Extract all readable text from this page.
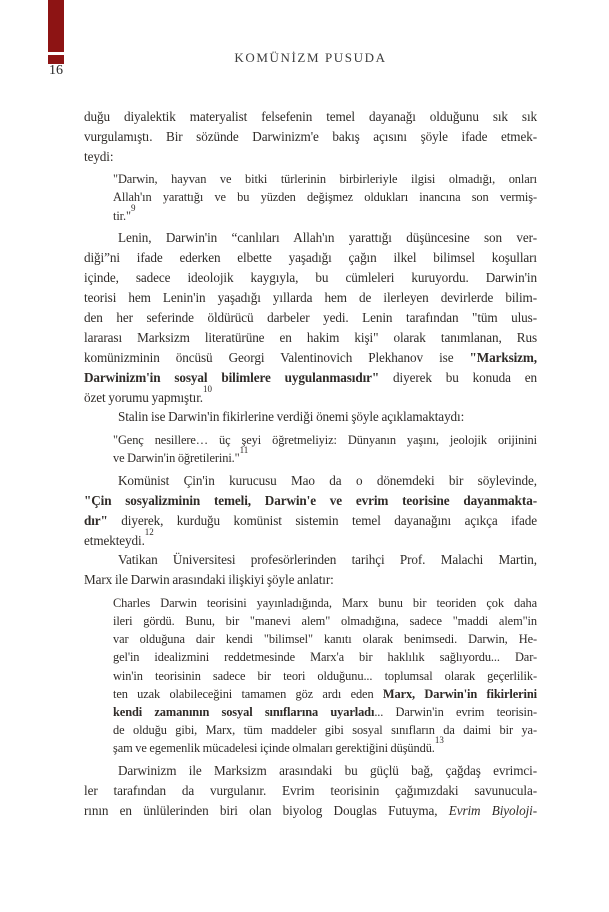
16
KOMÜNİZM PUSUDA
duğu diyalektik materyalist felsefenin temel dayanağı olduğunu sık sık
vurgulamıştı. Bir sözünde Darwinizm'e bakış açısını şöyle ifade etmek-
teydi:
"Darwin, hayvan ve bitki türlerinin birbirleriyle ilgisi olmadığı, onları
Allah'ın yarattığı ve bu yüzden değişmez oldukları inancına son vermiş-
tir."$^9$
Lenin, Darwin'in “canlıları Allah'ın yarattığı düşüncesine son ver-
diği”ni ifade ederken elbette yaşadığı çağın ilkel bilimsel koşulları
içinde, sadece ideolojik kaygıyla, bu cümleleri kuruyordu. Darwin'in
teorisi hem Lenin'in yaşadığı yıllarda hem de ilerleyen devirlerde bilim-
den her seferinde öldürücü darbeler yedi. Lenin tarafından "tüm ulus-
lararası Marksizm literatürüne en hakim kişi" olarak tanımlanan, Rus
komünizminin öncüsü Georgi Valentinovich Plekhanov ise "Marksizm,
Darwinizm'in sosyal bilimlere uygulanmasıdır" diyerek bu konuda en
özet yorumu yapmıştır.$^{10}$
Stalin ise Darwin'in fikirlerine verdiği önemi şöyle açıklamaktaydı:
"Genç nesillere… üç şeyi öğretmeliyiz: Dünyanın yaşını, jeolojik orijinini
ve Darwin'in öğretilerini."$^{11}$
Komünist Çin'in kurucusu Mao da o dönemdeki bir söylevinde,
"Çin sosyalizminin temeli, Darwin'e ve evrim teorisine dayanmakta-
dır" diyerek, kurduğu komünist sistemin temel dayanağını açıkça ifade
etmekteydi.$^{12}$
Vatikan Üniversitesi profesörlerinden tarihçi Prof. Malachi Martin,
Marx ile Darwin arasındaki ilişkiyi şöyle anlatır:
Charles Darwin teorisini yayınladığında, Marx bunu bir teoriden çok daha
ileri gördü. Bunu, bir "manevi alem" olmadığına, sadece "maddi alem"in
var olduğuna dair kendi "bilimsel" kanıtı olarak benimsedi. Darwin, He-
gel'in idealizmini reddetmesinde Marx'a bir haklılık sağlıyordu... Dar-
win'in teorisinin sadece bir teori olduğunu... toplumsal olarak geçerlilik-
ten uzak olabileceğini tamamen göz ardı eden Marx, Darwin'in fikirlerini
kendi zamanının sosyal sınıflarına uyarladı... Darwin'in evrim teorisin-
de olduğu gibi, Marx, tüm maddeler gibi sosyal sınıfların da daimi bir ya-
şam ve egemenlik mücadelesi içinde olmaları gerektiğini düşündü.$^{13}$
Darwinizm ile Marksizm arasındaki bu güçlü bağ, çağdaş evrimci-
ler tarafından da vurgulanır. Evrim teorisinin çağımızdaki savunucula-
rının en ünlülerinden biri olan biyolog Douglas Futuyma, Evrim Biyoloji-
